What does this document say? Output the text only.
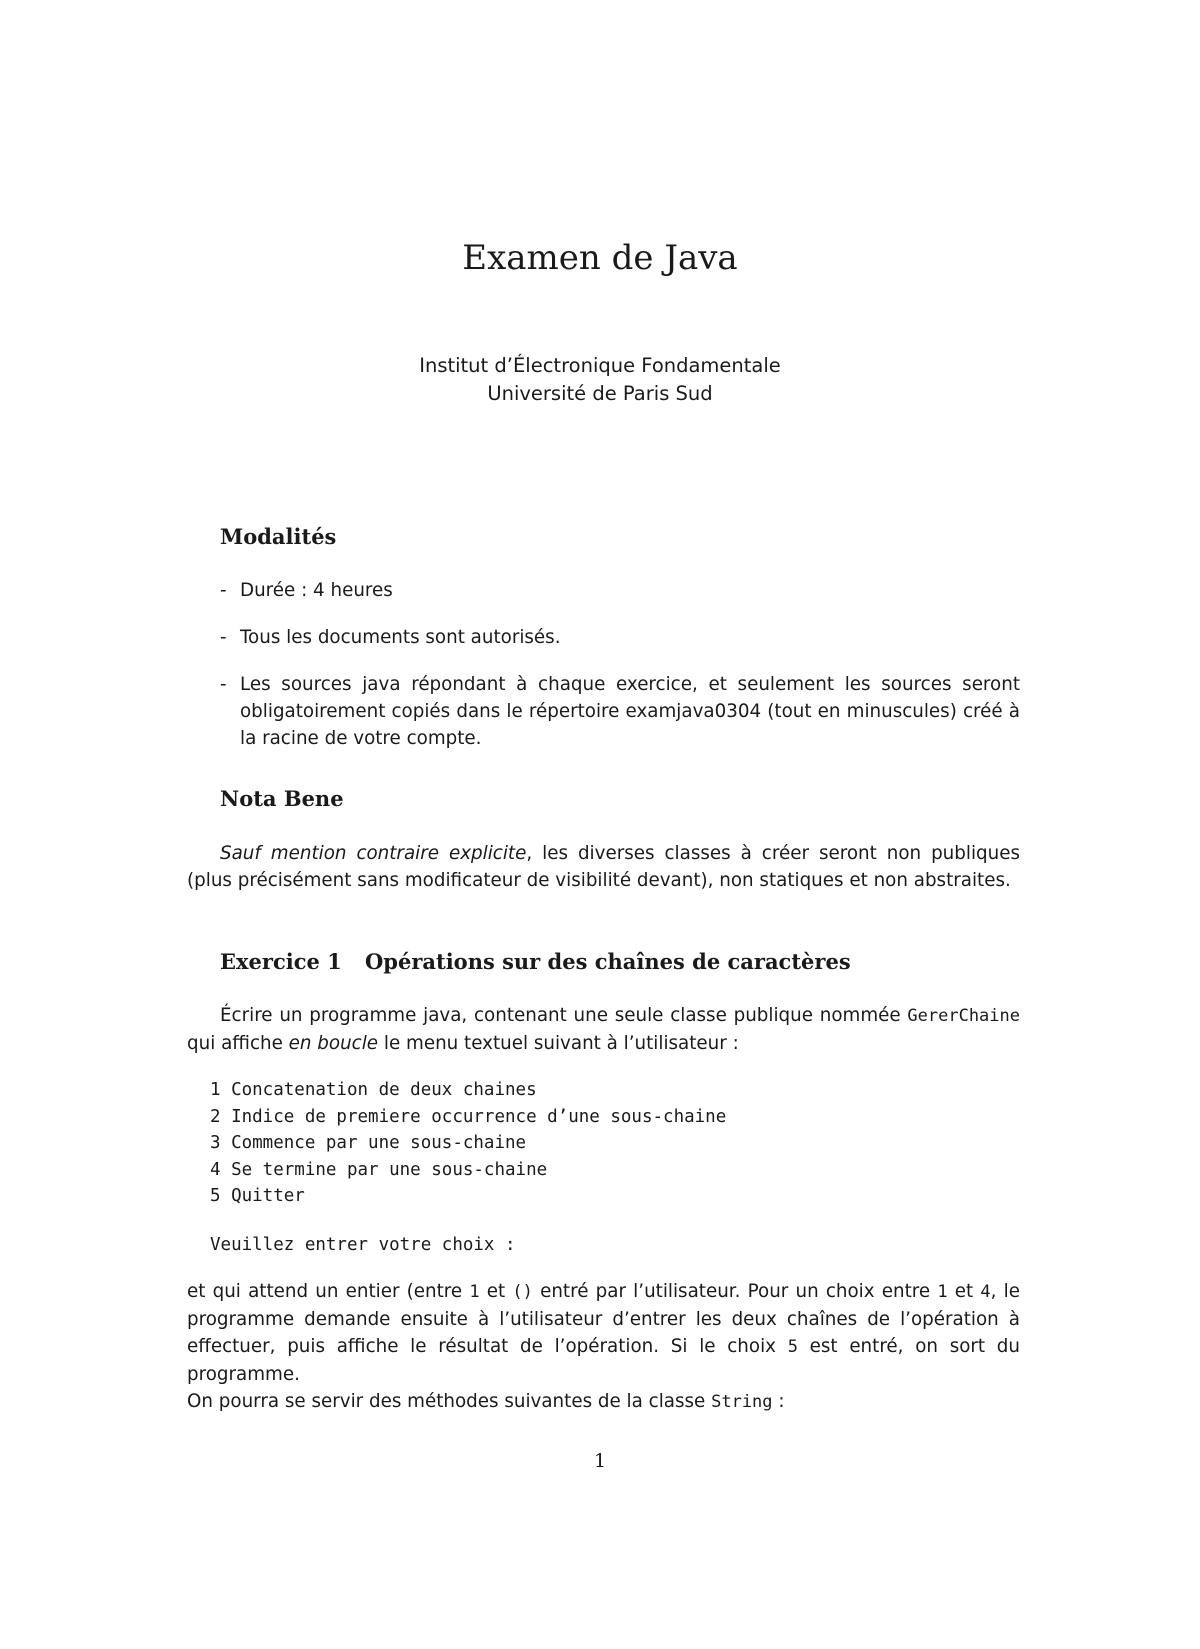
Examen de Java
Institut d’Électronique Fondamentale
Université de Paris Sud
Modalités
- Durée : 4 heures
- Tous les documents sont autorisés.
- Les sources java répondant à chaque exercice, et seulement les sources seront obligatoirement copiés dans le répertoire examjava0304 (tout en minuscules) créé à la racine de votre compte.
Nota Bene
Sauf mention contraire explicite, les diverses classes à créer seront non publiques (plus précisément sans modificateur de visibilité devant), non statiques et non abstraites.
Exercice 1 Opérations sur des chaînes de caractères
Écrire un programme java, contenant une seule classe publique nommée GererChaine qui affiche en boucle le menu textuel suivant à l’utilisateur :
1 Concatenation de deux chaines
2 Indice de premiere occurrence d’une sous-chaine
3 Commence par une sous-chaine
4 Se termine par une sous-chaine
5 Quitter
Veuillez entrer votre choix :
et qui attend un entier (entre 1 et () entré par l’utilisateur. Pour un choix entre 1 et 4, le programme demande ensuite à l’utilisateur d’entrer les deux chaînes de l’opération à effectuer, puis affiche le résultat de l’opération. Si le choix 5 est entré, on sort du programme.
On pourra se servir des méthodes suivantes de la classe String :
1
